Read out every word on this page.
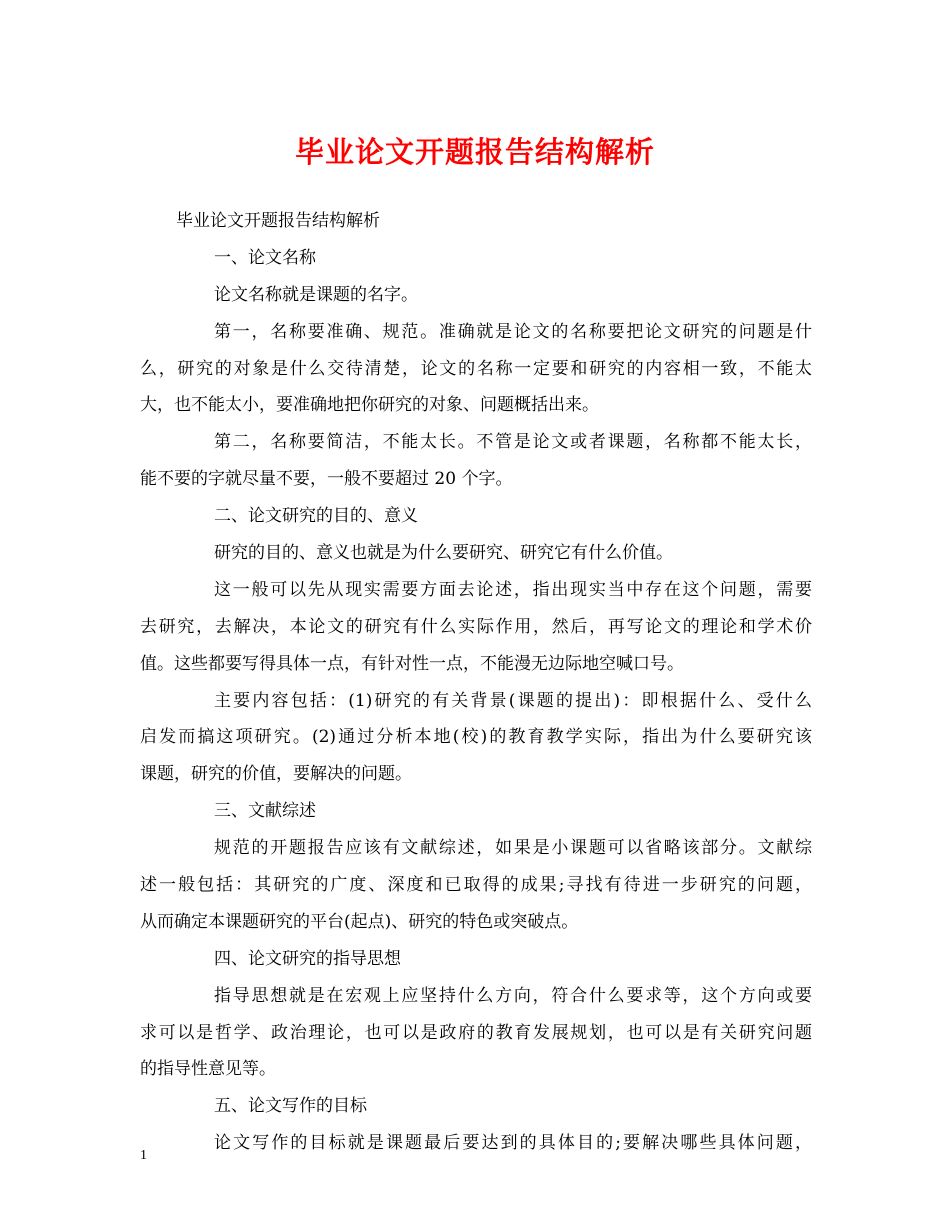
毕业论文开题报告结构解析
毕业论文开题报告结构解析
一、论文名称
论文名称就是课题的名字。
第一，名称要准确、规范。准确就是论文的名称要把论文研究的问题是什
么，研究的对象是什么交待清楚，论文的名称一定要和研究的内容相一致，不能太
大，也不能太小，要准确地把你研究的对象、问题概括出来。
第二，名称要简洁，不能太长。不管是论文或者课题，名称都不能太长，
能不要的字就尽量不要，一般不要超过 20 个字。
二、论文研究的目的、意义
研究的目的、意义也就是为什么要研究、研究它有什么价值。
这一般可以先从现实需要方面去论述，指出现实当中存在这个问题，需要
去研究，去解决，本论文的研究有什么实际作用，然后，再写论文的理论和学术价
值。这些都要写得具体一点，有针对性一点，不能漫无边际地空喊口号。
主要内容包括：(1)研究的有关背景(课题的提出)：即根据什么、受什么
启发而搞这项研究。(2)通过分析本地(校)的教育教学实际，指出为什么要研究该
课题，研究的价值，要解决的问题。
三、文献综述
规范的开题报告应该有文献综述，如果是小课题可以省略该部分。文献综
述一般包括：其研究的广度、深度和已取得的成果;寻找有待进一步研究的问题，
从而确定本课题研究的平台(起点)、研究的特色或突破点。
四、论文研究的指导思想
指导思想就是在宏观上应坚持什么方向，符合什么要求等，这个方向或要
求可以是哲学、政治理论，也可以是政府的教育发展规划，也可以是有关研究问题
的指导性意见等。
五、论文写作的目标
论文写作的目标就是课题最后要达到的具体目的;要解决哪些具体问题，
1
